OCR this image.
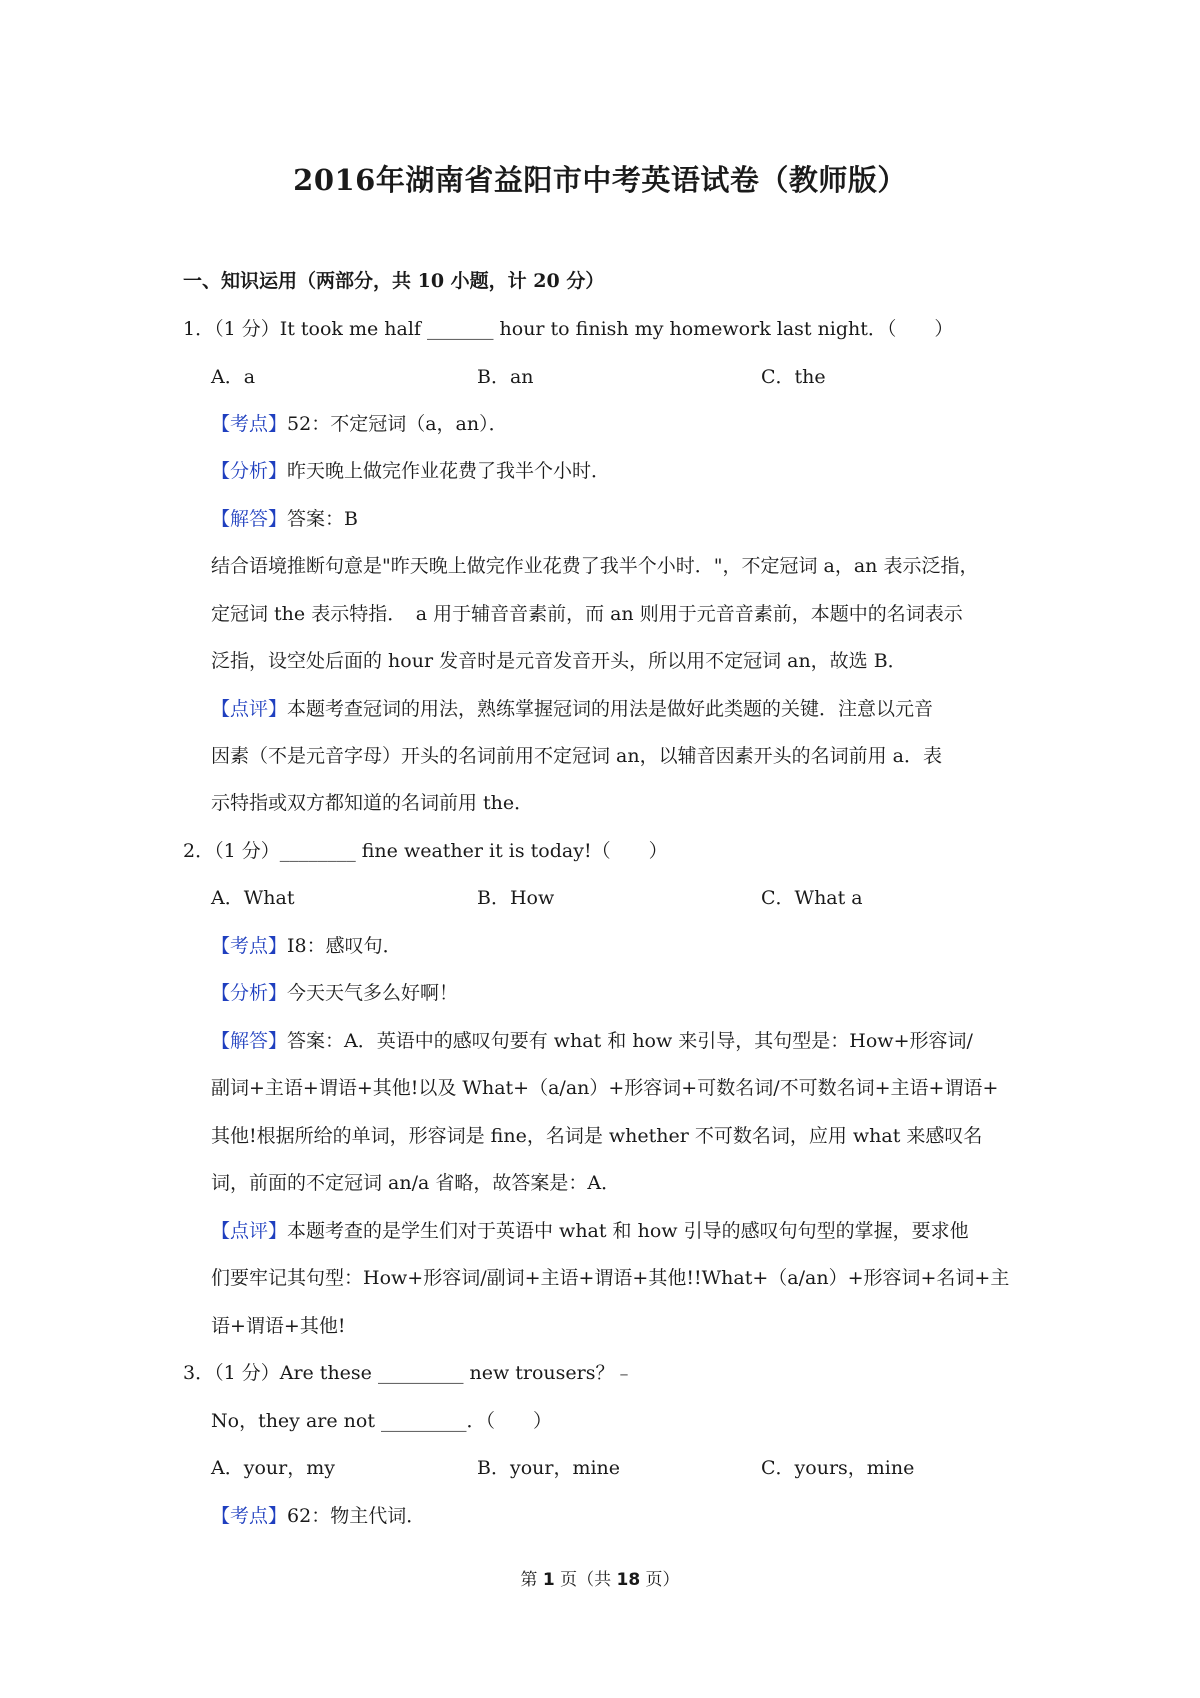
2016年湖南省益阳市中考英语试卷（教师版）
一、知识运用（两部分，共 10 小题，计 20 分）
1．（1 分）It took me half _______ hour to finish my homework last night．（　　）
A．a	B．an	C．the
【考点】52：不定冠词（a，an）．
【分析】昨天晚上做完作业花费了我半个小时．
【解答】答案：B
结合语境推断句意是"昨天晚上做完作业花费了我半个小时．"，不定冠词 a，an 表示泛指，
定冠词 the 表示特指．　a 用于辅音音素前，而 an 则用于元音音素前，本题中的名词表示
泛指，设空处后面的 hour 发音时是元音发音开头，所以用不定冠词 an，故选 B．
【点评】本题考查冠词的用法，熟练掌握冠词的用法是做好此类题的关键．注意以元音
因素（不是元音字母）开头的名词前用不定冠词 an，以辅音因素开头的名词前用 a．表
示特指或双方都知道的名词前用 the．
2．（1 分）________ fine weather it is today!（　　）
A．What	B．How	C．What a
【考点】I8：感叹句．
【分析】今天天气多么好啊！
【解答】答案：A．英语中的感叹句要有 what 和 how 来引导，其句型是：How+形容词/
副词+主语+谓语+其他!以及 What+（a/an）+形容词+可数名词/不可数名词+主语+谓语+
其他!根据所给的单词，形容词是 fine，名词是 whether 不可数名词，应用 what 来感叹名
词，前面的不定冠词 an/a 省略，故答案是：A．
【点评】本题考查的是学生们对于英语中 what 和 how 引导的感叹句句型的掌握，要求他
们要牢记其句型：How+形容词/副词+主语+谓语+其他!!What+（a/an）+形容词+名词+主
语+谓语+其他!
3．（1 分）Are these _________ new trousers？﹣
No，they are not _________．（　　）
A．your，my	B．your，mine	C．yours，mine
【考点】62：物主代词．
第 1 页（共 18 页）
